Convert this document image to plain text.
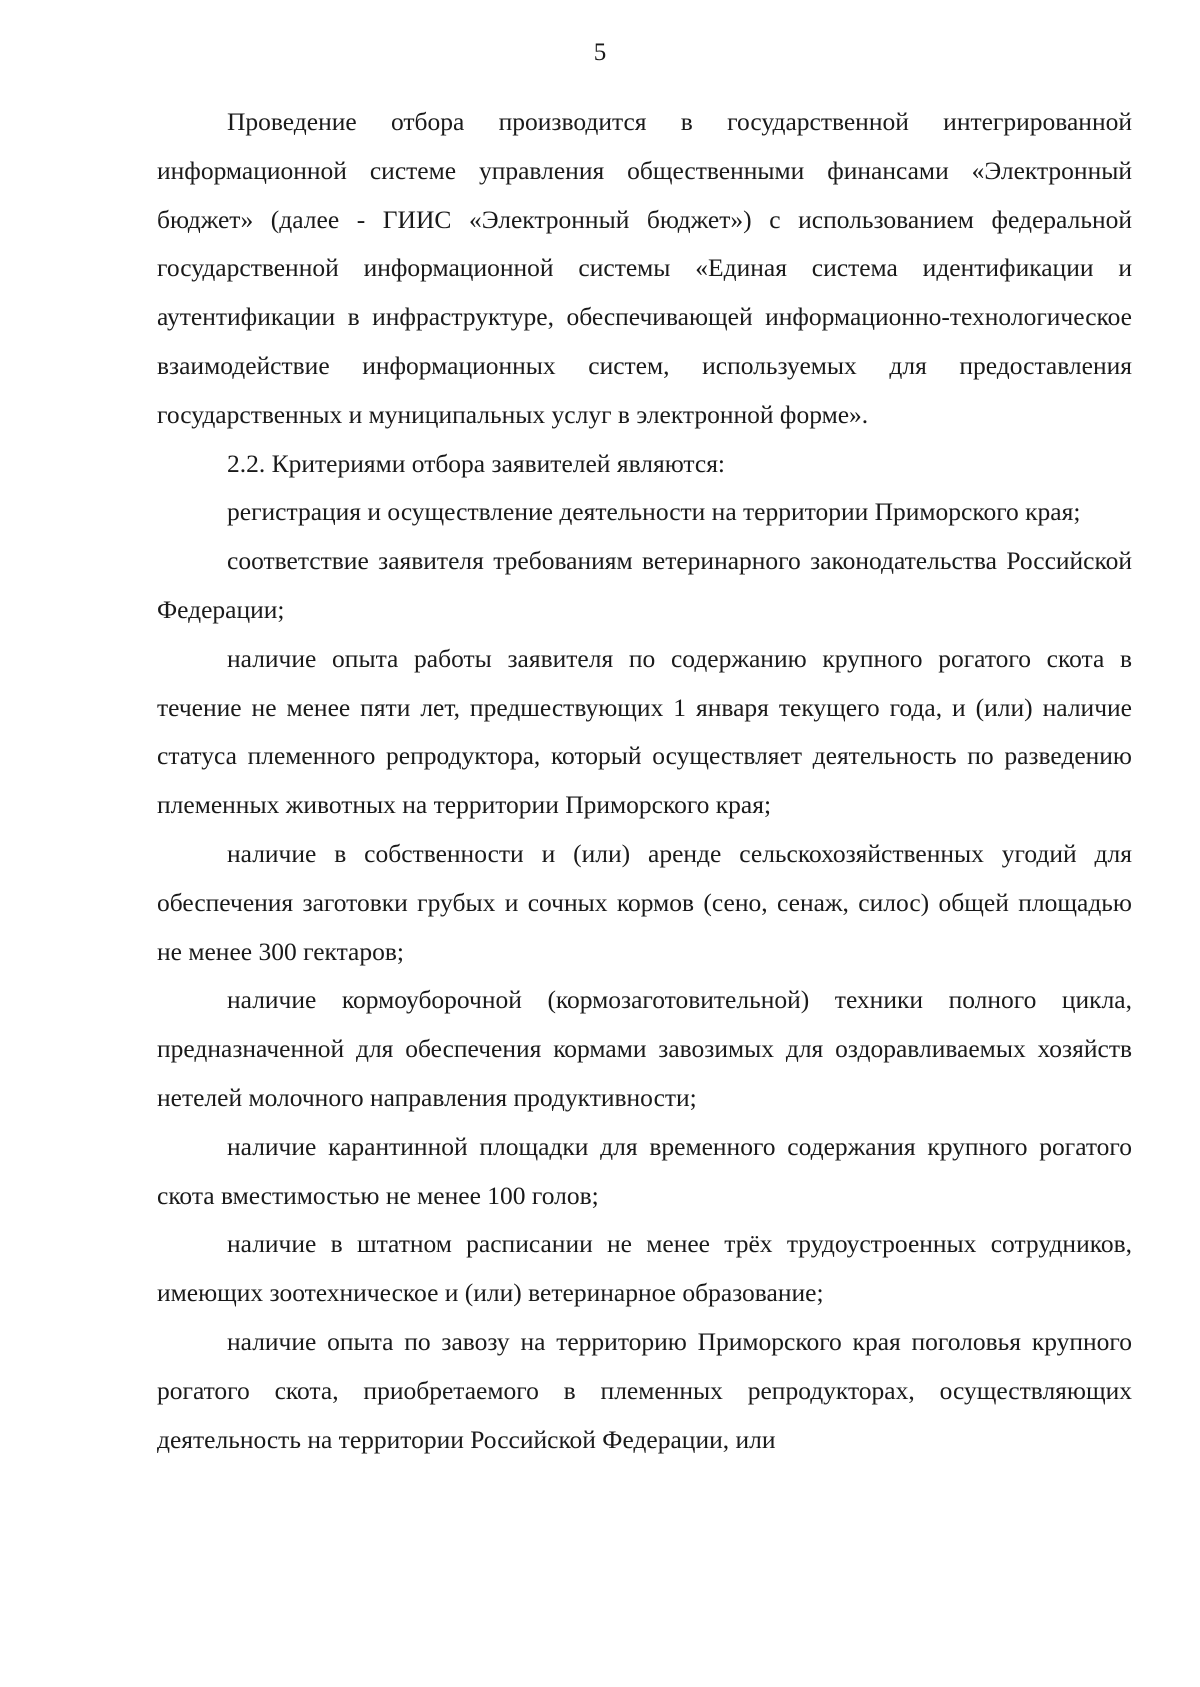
5

Проведение отбора производится в государственной интегрированной информационной системе управления общественными финансами «Электронный бюджет» (далее - ГИИС «Электронный бюджет») с использованием федеральной государственной информационной системы «Единая система идентификации и аутентификации в инфраструктуре, обеспечивающей информационно-технологическое взаимодействие информационных систем, используемых для предоставления государственных и муниципальных услуг в электронной форме».

2.2. Критериями отбора заявителей являются:

регистрация и осуществление деятельности на территории Приморского края;

соответствие заявителя требованиям ветеринарного законодательства Российской Федерации;

наличие опыта работы заявителя по содержанию крупного рогатого скота в течение не менее пяти лет, предшествующих 1 января текущего года, и (или) наличие статуса племенного репродуктора, который осуществляет деятельность по разведению племенных животных на территории Приморского края;

наличие в собственности и (или) аренде сельскохозяйственных угодий для обеспечения заготовки грубых и сочных кормов (сено, сенаж, силос) общей площадью не менее 300 гектаров;

наличие кормоуборочной (кормозаготовительной) техники полного цикла, предназначенной для обеспечения кормами завозимых для оздоравливаемых хозяйств нетелей молочного направления продуктивности;

наличие карантинной площадки для временного содержания крупного рогатого скота вместимостью не менее 100 голов;

наличие в штатном расписании не менее трёх трудоустроенных сотрудников, имеющих зоотехническое и (или) ветеринарное образование;

наличие опыта по завозу на территорию Приморского края поголовья крупного рогатого скота, приобретаемого в племенных репродукторах, осуществляющих деятельность на территории Российской Федерации, или
